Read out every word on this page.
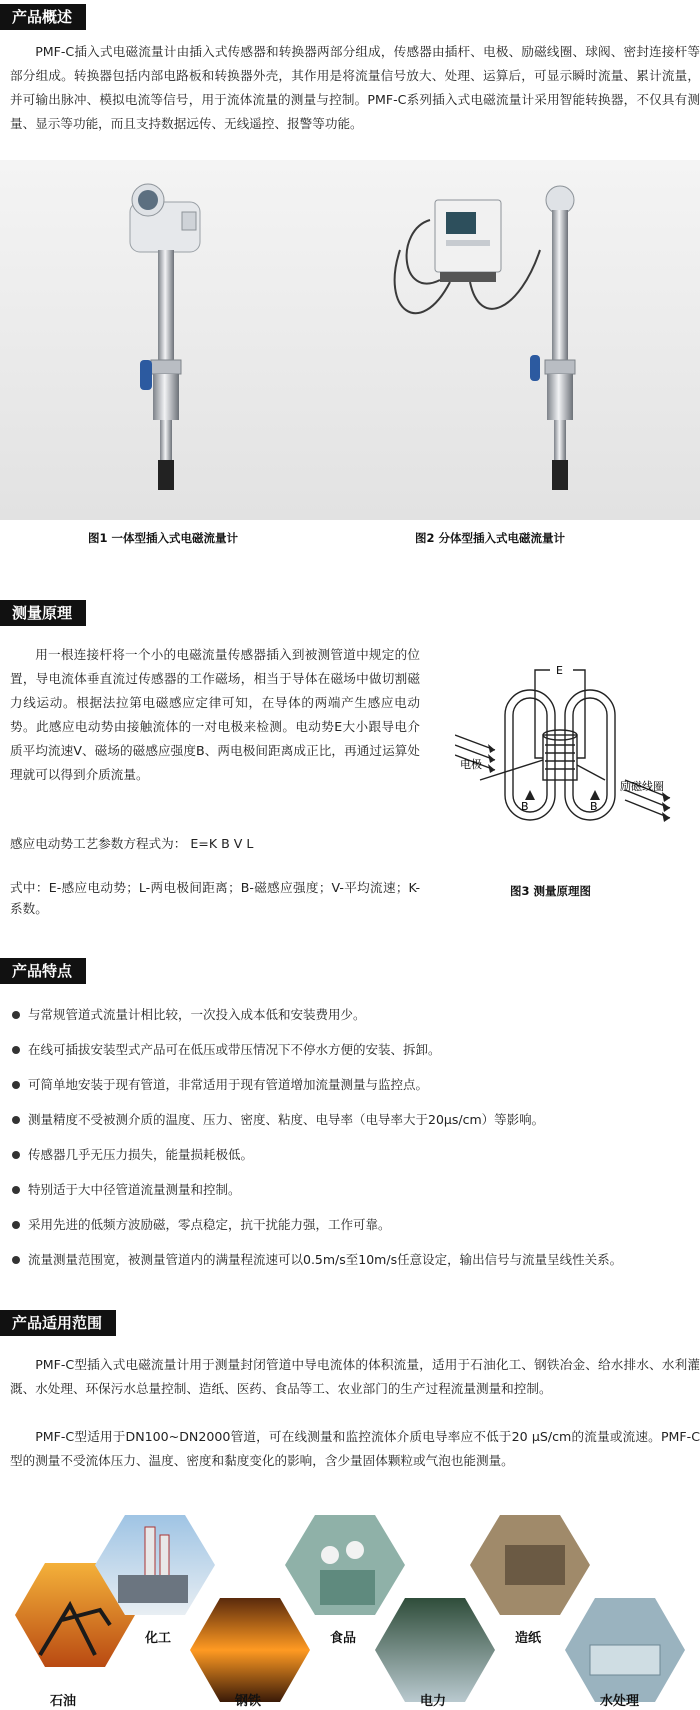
产品概述
PMF-C插入式电磁流量计由插入式传感器和转换器两部分组成，传感器由插杆、电极、励磁线圈、球阀、密封连接杆等部分组成。转换器包括内部电路板和转换器外壳，其作用是将流量信号放大、处理、运算后，可显示瞬时流量、累计流量，并可输出脉冲、模拟电流等信号，用于流体流量的测量与控制。PMF-C系列插入式电磁流量计采用智能转换器，不仅具有测量、显示等功能，而且支持数据远传、无线遥控、报警等功能。
图1 一体型插入式电磁流量计	图2 分体型插入式电磁流量计
测量原理
用一根连接杆将一个小的电磁流量传感器插入到被测管道中规定的位置，导电流体垂直流过传感器的工作磁场，相当于导体在磁场中做切割磁力线运动。根据法拉第电磁感应定律可知，在导体的两端产生感应电动势。此感应电动势由接触流体的一对电极来检测。电动势E大小跟导电介质平均流速V、磁场的磁感应强度B、两电极间距离成正比，再通过运算处理就可以得到介质流量。
感应电动势工艺参数方程式为： E=K B V L
式中：E-感应电动势；L-两电极间距离；B-磁感应强度；V-平均流速；K-系数。
E
电极
励磁线圈
B	B
图3 测量原理图
产品特点
与常规管道式流量计相比较，一次投入成本低和安装费用少。
在线可插拔安装型式产品可在低压或带压情况下不停水方便的安装、拆卸。
可简单地安装于现有管道，非常适用于现有管道增加流量测量与监控点。
测量精度不受被测介质的温度、压力、密度、粘度、电导率（电导率大于20μs/cm）等影响。
传感器几乎无压力损失，能量损耗极低。
特别适于大中径管道流量测量和控制。
采用先进的低频方波励磁，零点稳定，抗干扰能力强，工作可靠。
流量测量范围宽，被测量管道内的满量程流速可以0.5m/s至10m/s任意设定，输出信号与流量呈线性关系。
产品适用范围
PMF-C型插入式电磁流量计用于测量封闭管道中导电流体的体积流量，适用于石油化工、钢铁冶金、给水排水、水利灌溉、水处理、环保污水总量控制、造纸、医药、食品等工、农业部门的生产过程流量测量和控制。
PMF-C型适用于DN100~DN2000管道，可在线测量和监控流体介质电导率应不低于20 μS/cm的流量或流速。PMF-C型的测量不受流体压力、温度、密度和黏度变化的影响，含少量固体颗粒或气泡也能测量。
石油
化工
钢铁
食品
电力
造纸
水处理
